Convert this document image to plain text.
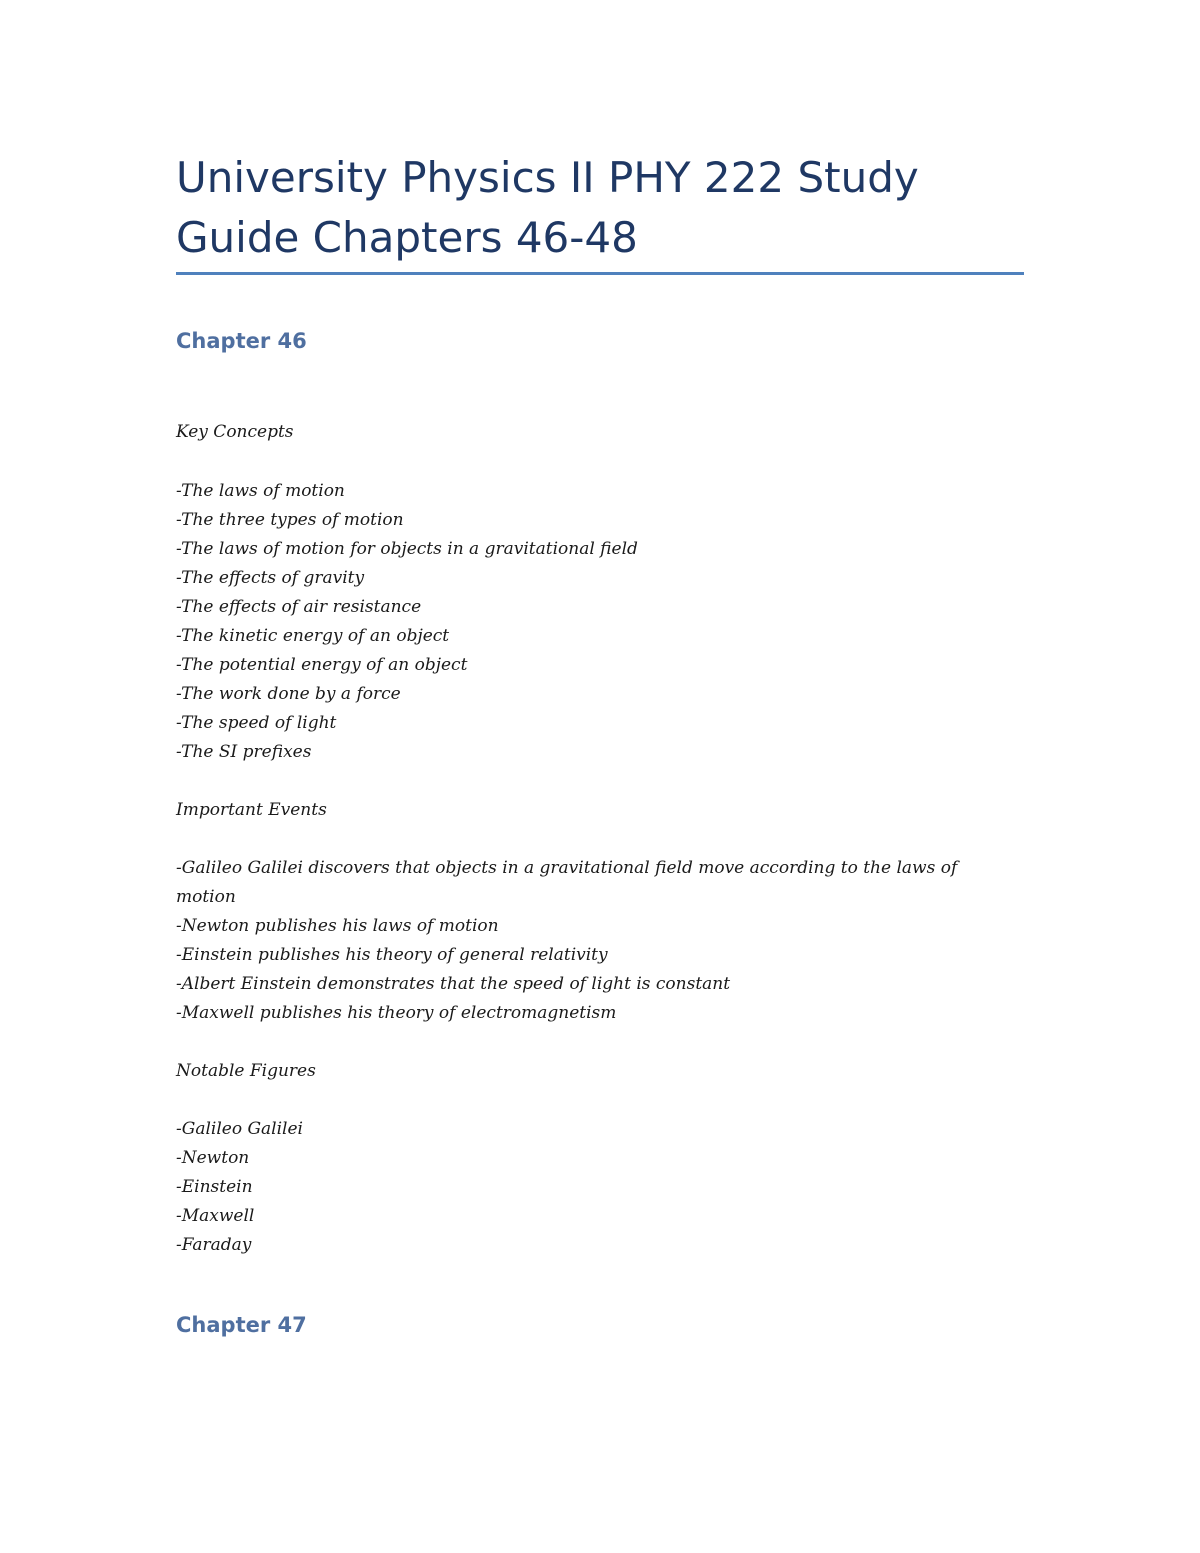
University Physics II PHY 222 Study Guide Chapters 46-48
Chapter 46

Key Concepts

-The laws of motion
-The three types of motion
-The laws of motion for objects in a gravitational field
-The effects of gravity
-The effects of air resistance
-The kinetic energy of an object
-The potential energy of an object
-The work done by a force
-The speed of light
-The SI prefixes

Important Events

-Galileo Galilei discovers that objects in a gravitational field move according to the laws of motion
-Newton publishes his laws of motion
-Einstein publishes his theory of general relativity
-Albert Einstein demonstrates that the speed of light is constant
-Maxwell publishes his theory of electromagnetism

Notable Figures

-Galileo Galilei
-Newton
-Einstein
-Maxwell
-Faraday
Chapter 47
